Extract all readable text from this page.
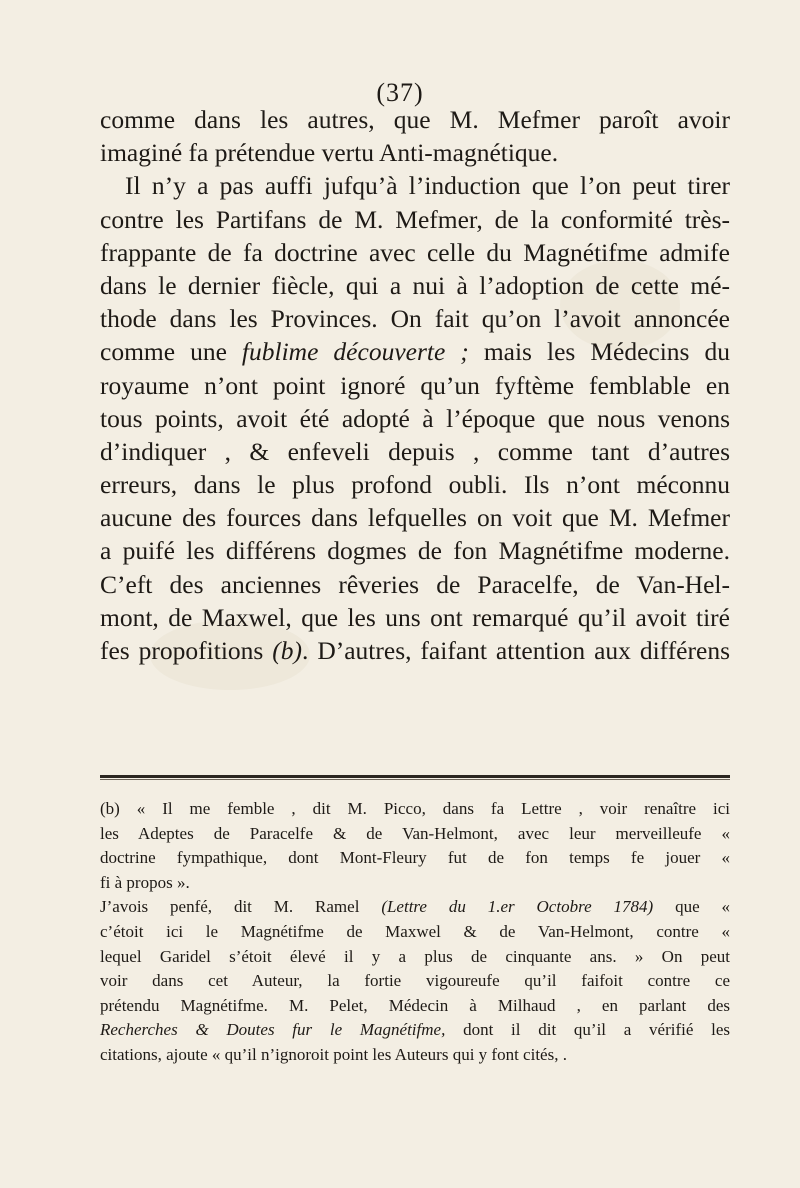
(37)
comme dans les autres, que M. Mefmer paroît avoir
imaginé fa prétendue vertu Anti-magnétique.
Il n’y a pas auffi jufqu’à l’induction que l’on peut tirer
contre les Partifans de M. Mefmer, de la conformité très-
frappante de fa doctrine avec celle du Magnétifme admife
dans le dernier fiècle, qui a nui à l’adoption de cette mé-
thode dans les Provinces. On fait qu’on l’avoit annoncée
comme une fublime découverte ; mais les Médecins du
royaume n’ont point ignoré qu’un fyftème femblable en
tous points, avoit été adopté à l’époque que nous venons
d’indiquer , & enfeveli depuis , comme tant d’autres
erreurs, dans le plus profond oubli. Ils n’ont méconnu
aucune des fources dans lefquelles on voit que M. Mefmer
a puifé les différens dogmes de fon Magnétifme moderne.
C’eft des anciennes rêveries de Paracelfe, de Van-Hel-
mont, de Maxwel, que les uns ont remarqué qu’il avoit tiré
fes propofitions (b). D’autres, faifant attention aux différens
(b) « Il me femble , dit M. Picco, dans fa Lettre , voir renaître ici
les Adeptes de Paracelfe & de Van-Helmont, avec leur merveilleufe «
doctrine fympathique, dont Mont-Fleury fut de fon temps fe jouer «
fi à propos ».
J’avois penfé, dit M. Ramel (Lettre du 1.er Octobre 1784) que «
c’étoit ici le Magnétifme de Maxwel & de Van-Helmont, contre «
lequel Garidel s’étoit élevé il y a plus de cinquante ans. » On peut
voir dans cet Auteur, la fortie vigoureufe qu’il faifoit contre ce
prétendu Magnétifme. M. Pelet, Médecin à Milhaud , en parlant des
Recherches & Doutes fur le Magnétifme, dont il dit qu’il a vérifié les
citations, ajoute « qu’il n’ignoroit point les Auteurs qui y font cités, .
